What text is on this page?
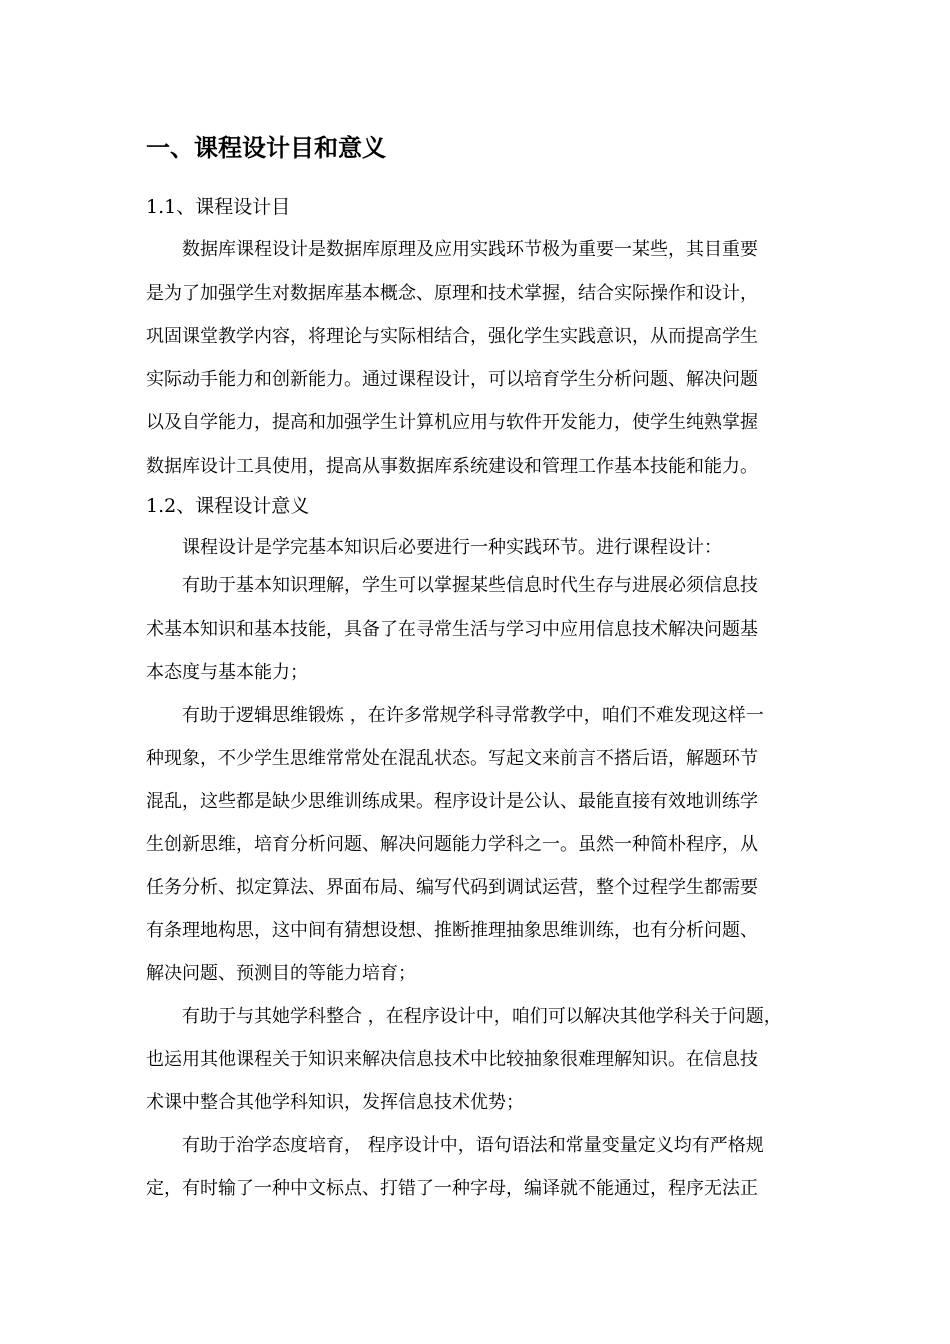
一、课程设计目和意义
1.1、课程设计目
数据库课程设计是数据库原理及应用实践环节极为重要一某些，其目重要
是为了加强学生对数据库基本概念、原理和技术掌握，结合实际操作和设计，
巩固课堂教学内容，将理论与实际相结合，强化学生实践意识，从而提高学生
实际动手能力和创新能力。通过课程设计，可以培育学生分析问题、解决问题
以及自学能力，提高和加强学生计算机应用与软件开发能力，使学生纯熟掌握
数据库设计工具使用，提高从事数据库系统建设和管理工作基本技能和能力。
1.2、课程设计意义
课程设计是学完基本知识后必要进行一种实践环节。进行课程设计：
有助于基本知识理解，学生可以掌握某些信息时代生存与进展必须信息技
术基本知识和基本技能，具备了在寻常生活与学习中应用信息技术解决问题基
本态度与基本能力；
有助于逻辑思维锻炼 ，在许多常规学科寻常教学中，咱们不难发现这样一
种现象，不少学生思维常常处在混乱状态。写起文来前言不搭后语，解题环节
混乱，这些都是缺少思维训练成果。程序设计是公认、最能直接有效地训练学
生创新思维，培育分析问题、解决问题能力学科之一。虽然一种简朴程序，从
任务分析、拟定算法、界面布局、编写代码到调试运营，整个过程学生都需要
有条理地构思，这中间有猜想设想、推断推理抽象思维训练，也有分析问题、
解决问题、预测目的等能力培育；
有助于与其她学科整合 ，在程序设计中，咱们可以解决其他学科关于问题，
也运用其他课程关于知识来解决信息技术中比较抽象很难理解知识。在信息技
术课中整合其他学科知识，发挥信息技术优势；
有助于治学态度培育， 程序设计中，语句语法和常量变量定义均有严格规
定，有时输了一种中文标点、打错了一种字母，编译就不能通过，程序无法正
